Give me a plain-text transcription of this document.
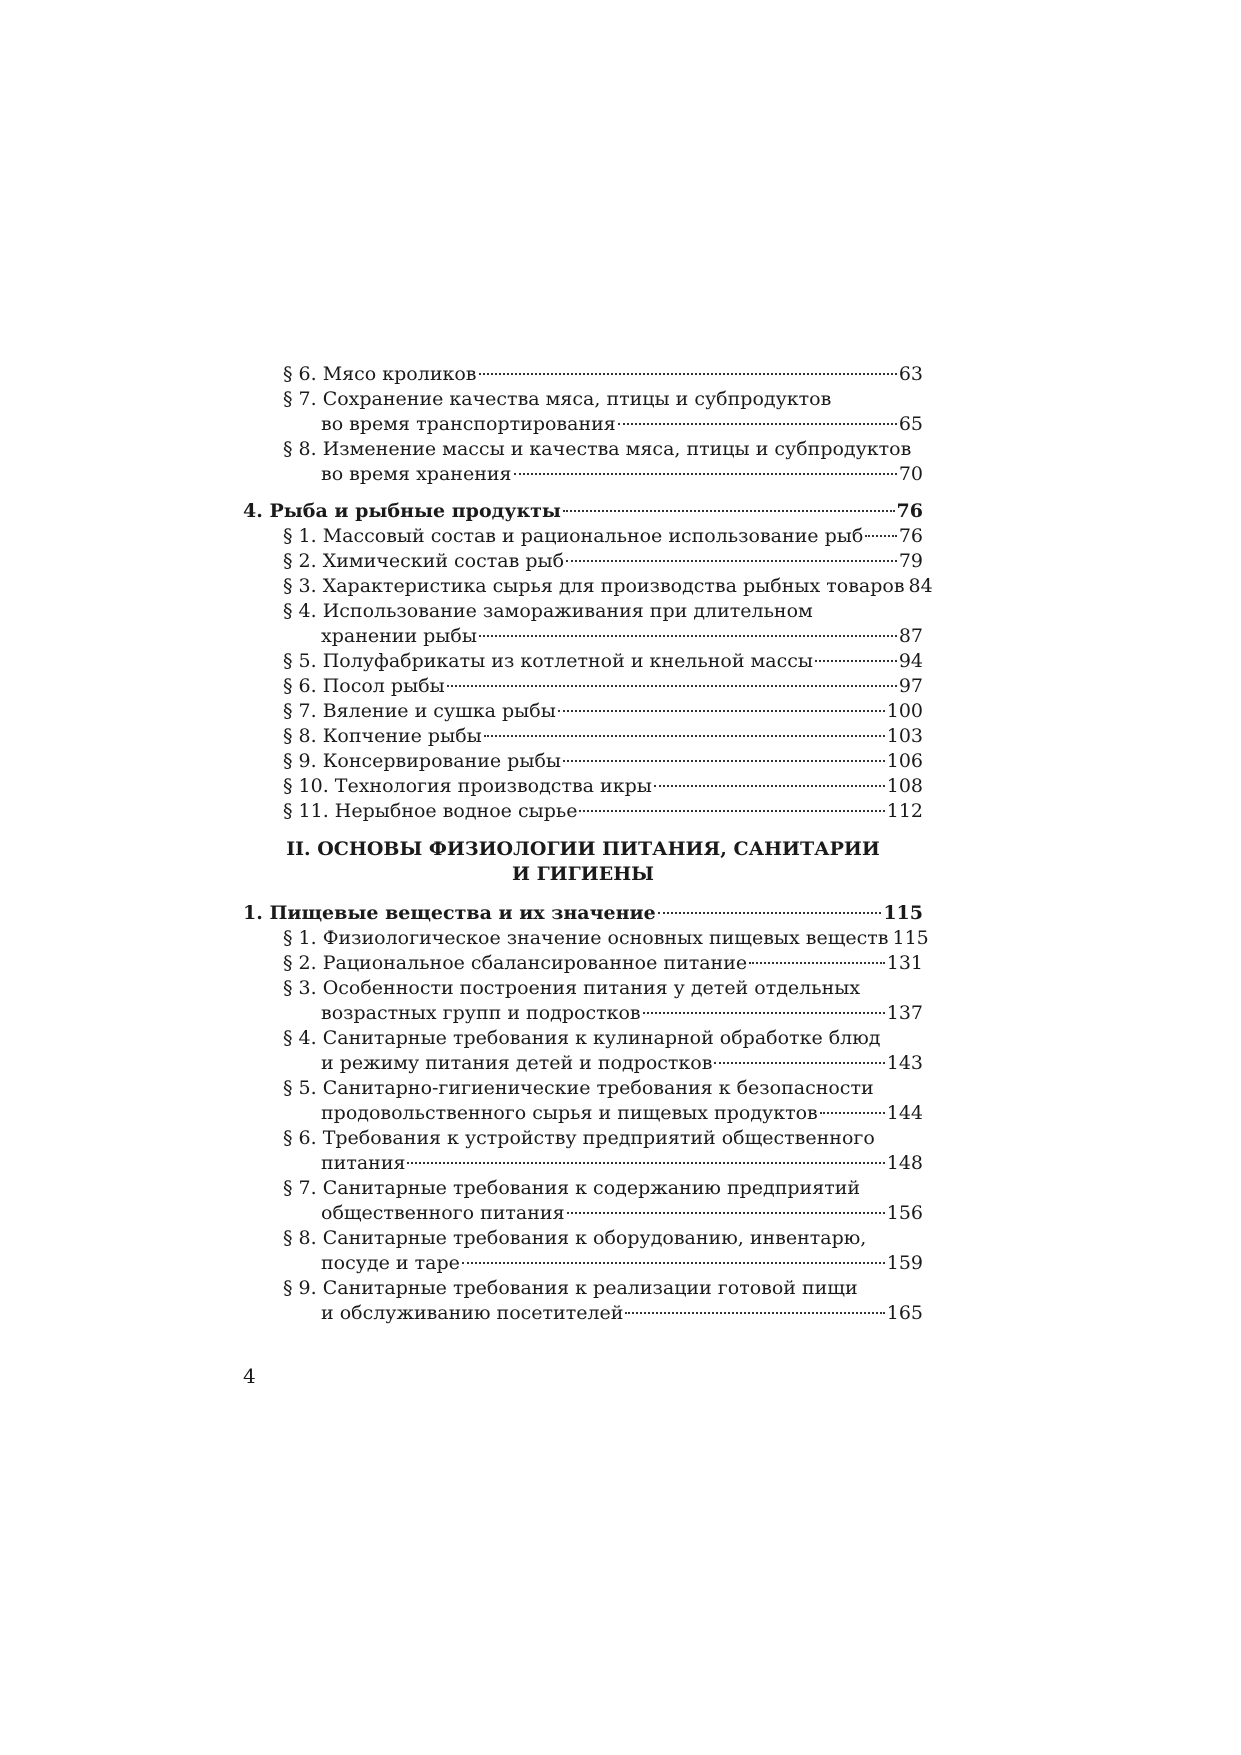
§ 6. Мясо кроликов	63
§ 7. Сохранение качества мяса, птицы и субпродуктов
во время транспортирования	65
§ 8. Изменение массы и качества мяса, птицы и субпродуктов
во время хранения	70
4. Рыба и рыбные продукты	76
§ 1. Массовый состав и рациональное использование рыб 76
§ 2. Химический состав рыб	79
§ 3. Характеристика сырья для производства рыбных товаров 84
§ 4. Использование замораживания при длительном
хранении рыбы	87
§ 5. Полуфабрикаты из котлетной и кнельной массы	94
§ 6. Посол рыбы	97
§ 7. Вяление и сушка рыбы	100
§ 8. Копчение рыбы	103
§ 9. Консервирование рыбы	106
§ 10. Технология производства икры	108
§ 11. Нерыбное водное сырье	112
II. ОСНОВЫ ФИЗИОЛОГИИ ПИТАНИЯ, САНИТАРИИ
И ГИГИЕНЫ
1. Пищевые вещества и их значение	115
§ 1. Физиологическое значение основных пищевых веществ 115
§ 2. Рациональное сбалансированное питание	131
§ 3. Особенности построения питания у детей отдельных
возрастных групп и подростков	137
§ 4. Санитарные требования к кулинарной обработке блюд
и режиму питания детей и подростков	143
§ 5. Санитарно-гигиенические требования к безопасности
продовольственного сырья и пищевых продуктов	144
§ 6. Требования к устройству предприятий общественного
питания	148
§ 7. Санитарные требования к содержанию предприятий
общественного питания	156
§ 8. Санитарные требования к оборудованию, инвентарю,
посуде и таре	159
§ 9. Санитарные требования к реализации готовой пищи
и обслуживанию посетителей	165
4
